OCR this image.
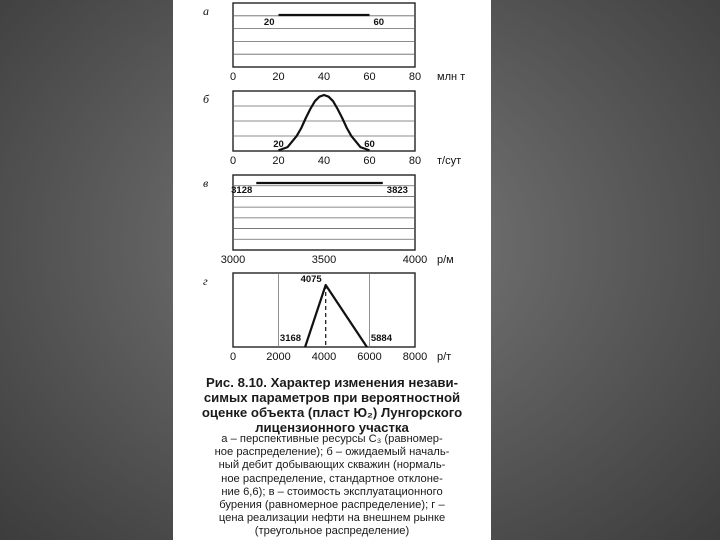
а
0	20	40	60	80 млн т
20	60
б
0	20	40	60	80 т/сут
20	60
в
3000	3500	4000 р/м
3128	3823
г
0	2000 4000 6000 8000 р/т
4075
3168	5884
Рис. 8.10. Характер изменения незави-
симых параметров при вероятностной
оценке объекта (пласт Ю₂) Лунгорского
лицензионного участка
а – перспективные ресурсы С₃ (равномер-
ное распределение); б – ожидаемый началь-
ный дебит добывающих скважин (нормаль-
ное распределение, стандартное отклоне-
ние 6,6); в – стоимость эксплуатационного
бурения (равномерное распределение); г –
цена реализации нефти на внешнем рынке
(треугольное распределение)
